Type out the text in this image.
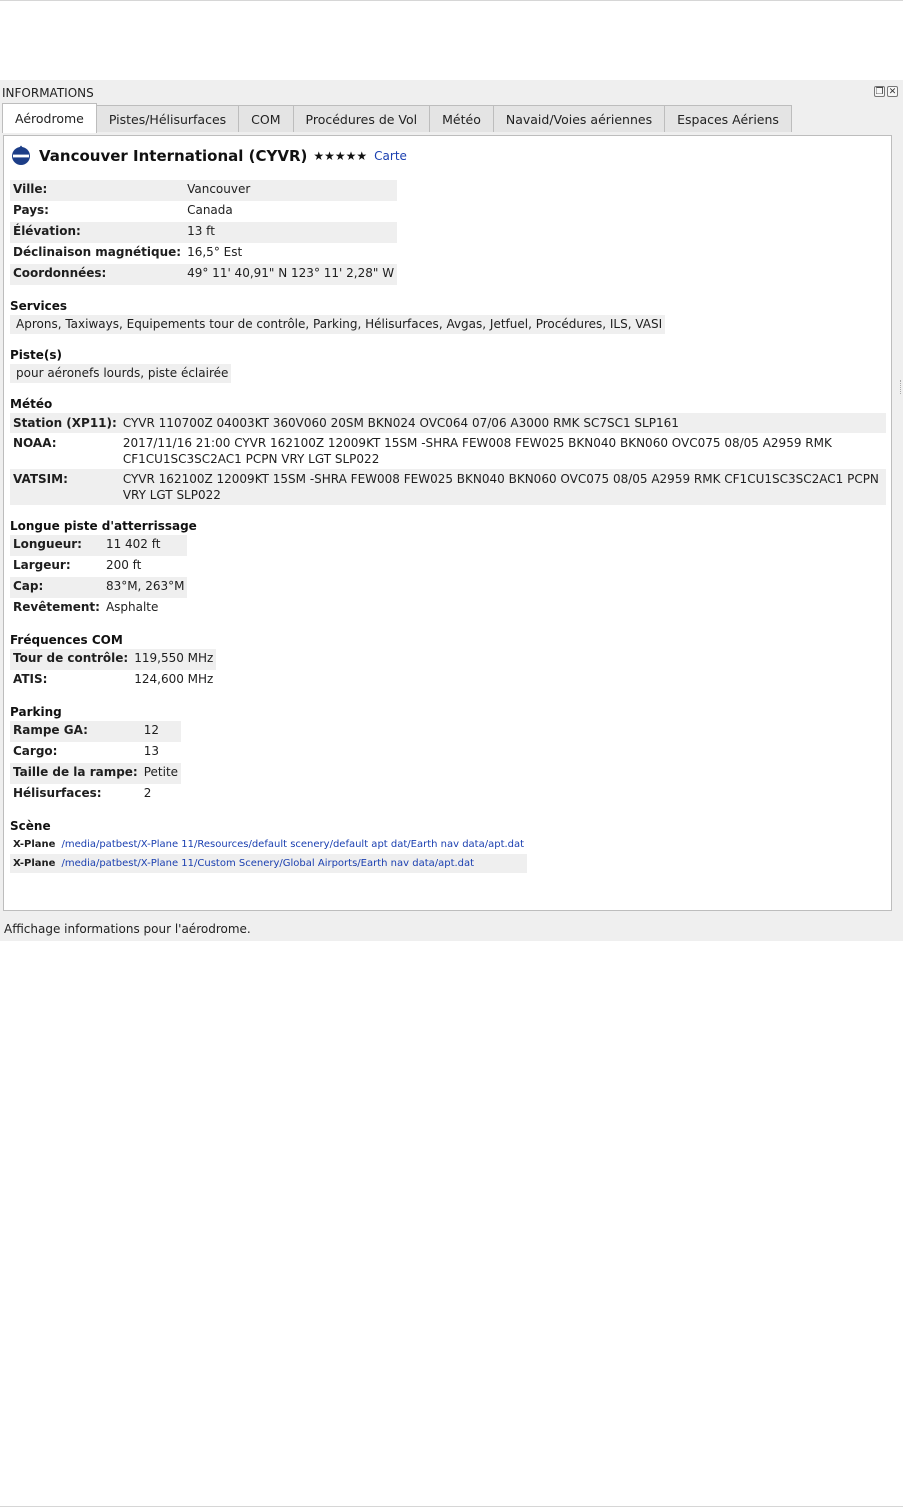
INFORMATIONS	❐ ✕
Aérodrome	Pistes/Hélisurfaces	COM	Procédures de Vol	Météo	Navaid/Voies aériennes	Espaces Aériens
Vancouver International (CYVR) ★★★★★ Carte
Ville:	Vancouver
Pays:	Canada
Élévation:	13 ft
Déclinaison magnétique:	16,5° Est
Coordonnées:	49° 11' 40,91" N 123° 11' 2,28" W
Services
Aprons, Taxiways, Equipements tour de contrôle, Parking, Hélisurfaces, Avgas, Jetfuel, Procédures, ILS, VASI
Piste(s)
pour aéronefs lourds, piste éclairée
Météo
Station (XP11):	CYVR 110700Z 04003KT 360V060 20SM BKN024 OVC064 07/06 A3000 RMK SC7SC1 SLP161
NOAA:	2017/11/16 21:00 CYVR 162100Z 12009KT 15SM -SHRA FEW008 FEW025 BKN040 BKN060 OVC075 08/05 A2959 RMK CF1CU1SC3SC2AC1 PCPN VRY LGT SLP022
VATSIM:	CYVR 162100Z 12009KT 15SM -SHRA FEW008 FEW025 BKN040 BKN060 OVC075 08/05 A2959 RMK CF1CU1SC3SC2AC1 PCPN VRY LGT SLP022
Longue piste d'atterrissage
Longueur:	11 402 ft
Largeur:	200 ft
Cap:	83°M, 263°M
Revêtement:	Asphalte
Fréquences COM
Tour de contrôle:	119,550 MHz
ATIS:	124,600 MHz
Parking
Rampe GA:	12
Cargo:	13
Taille de la rampe:	Petite
Hélisurfaces:	2
Scène
X-Plane	/media/patbest/X-Plane 11/Resources/default scenery/default apt dat/Earth nav data/apt.dat
X-Plane	/media/patbest/X-Plane 11/Custom Scenery/Global Airports/Earth nav data/apt.dat
Affichage informations pour l'aérodrome.
